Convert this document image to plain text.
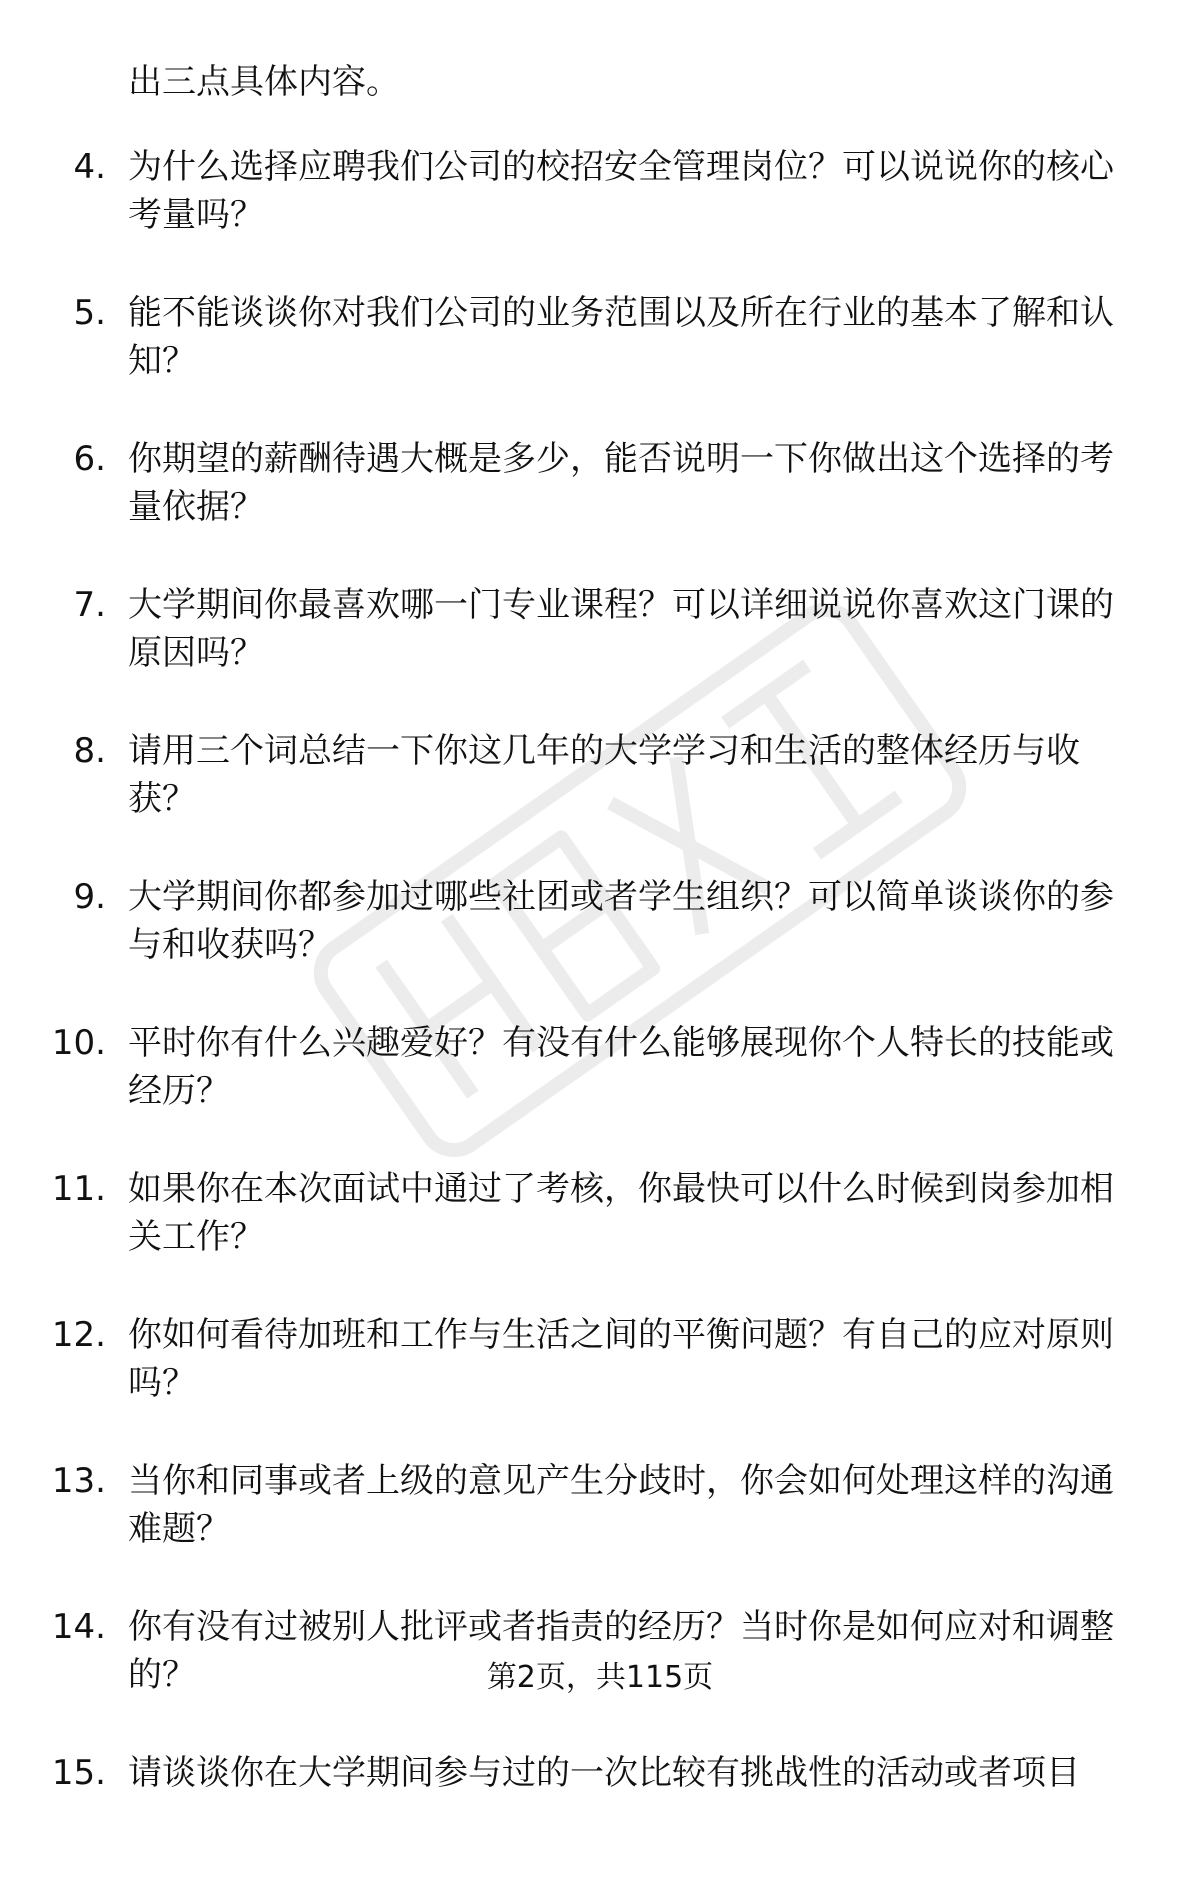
出三点具体内容。
4. 为什么选择应聘我们公司的校招安全管理岗位？可以说说你的核心考量吗？
5. 能不能谈谈你对我们公司的业务范围以及所在行业的基本了解和认知？
6. 你期望的薪酬待遇大概是多少，能否说明一下你做出这个选择的考量依据？
7. 大学期间你最喜欢哪一门专业课程？可以详细说说你喜欢这门课的原因吗？
8. 请用三个词总结一下你这几年的大学学习和生活的整体经历与收获？
9. 大学期间你都参加过哪些社团或者学生组织？可以简单谈谈你的参与和收获吗？
10. 平时你有什么兴趣爱好？有没有什么能够展现你个人特长的技能或经历？
11. 如果你在本次面试中通过了考核，你最快可以什么时候到岗参加相关工作？
12. 你如何看待加班和工作与生活之间的平衡问题？有自己的应对原则吗？
13. 当你和同事或者上级的意见产生分歧时，你会如何处理这样的沟通难题？
14. 你有没有过被别人批评或者指责的经历？当时你是如何应对和调整的？
15. 请谈谈你在大学期间参与过的一次比较有挑战性的活动或者项目
第2页，共115页
